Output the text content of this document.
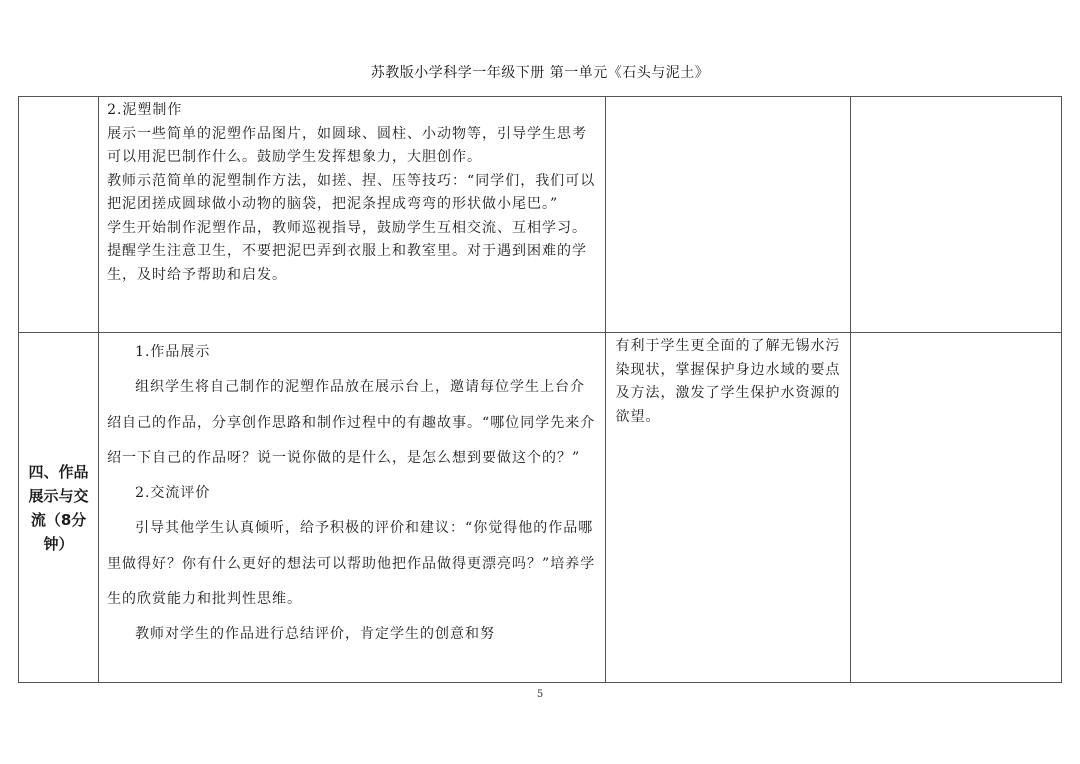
苏教版小学科学一年级下册 第一单元《石头与泥土》

	2.泥塑制作

展示一些简单的泥塑作品图片，如圆球、圆柱、小动物等，引导学生思考可以用泥巴制作什么。鼓励学生发挥想象力，大胆创作。

教师示范简单的泥塑制作方法，如搓、捏、压等技巧：“同学们，我们可以把泥团搓成圆球做小动物的脑袋，把泥条捏成弯弯的形状做小尾巴。”

学生开始制作泥塑作品，教师巡视指导，鼓励学生互相交流、互相学习。提醒学生注意卫生，不要把泥巴弄到衣服上和教室里。对于遇到困难的学生，及时给予帮助和启发。		

四、作品展示与交流（8分钟）	1.作品展示

组织学生将自己制作的泥塑作品放在展示台上，邀请每位学生上台介绍自己的作品，分享创作思路和制作过程中的有趣故事。“哪位同学先来介绍一下自己的作品呀？说一说你做的是什么，是怎么想到要做这个的？”

2.交流评价

引导其他学生认真倾听，给予积极的评价和建议：“你觉得他的作品哪里做得好？你有什么更好的想法可以帮助他把作品做得更漂亮吗？”培养学生的欣赏能力和批判性思维。

教师对学生的作品进行总结评价，肯定学生的创意和努	有利于学生更全面的了解无锡水污染现状，掌握保护身边水域的要点及方法，激发了学生保护水资源的欲望。	

5
